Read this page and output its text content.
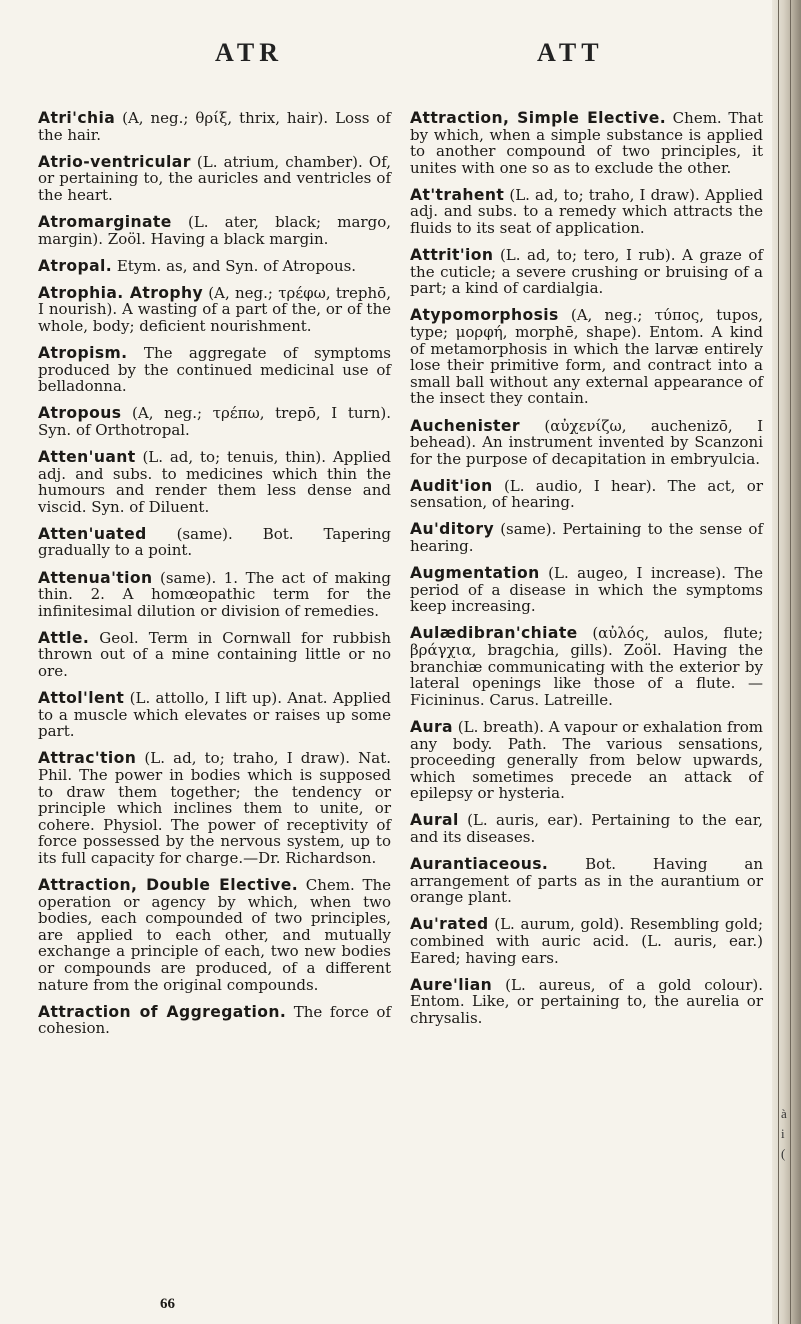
ATR	ATT

Atri'chia (A, neg.; θρίξ, thrix, hair). Loss of the hair.

Atrio-ventricular (L. atrium, chamber). Of, or pertaining to, the auricles and ventricles of the heart.

Atromarginate (L. ater, black; margo, margin). Zoöl. Having a black margin.

Atropal. Etym. as, and Syn. of Atropous.

Atrophia. Atrophy (A, neg.; τρέφω, trephō, I nourish). A wasting of a part of the, or of the whole, body; deficient nourishment.

Atropism. The aggregate of symptoms produced by the continued medicinal use of belladonna.

Atropous (A, neg.; τρέπω, trepō, I turn). Syn. of Orthotropal.

Atten'uant (L. ad, to; tenuis, thin). Applied adj. and subs. to medicines which thin the humours and render them less dense and viscid. Syn. of Diluent.

Atten'uated (same). Bot. Tapering gradually to a point.

Attenua'tion (same). 1. The act of making thin. 2. A homœopathic term for the infinitesimal dilution or division of remedies.

Attle. Geol. Term in Cornwall for rubbish thrown out of a mine containing little or no ore.

Attol'lent (L. attollo, I lift up). Anat. Applied to a muscle which elevates or raises up some part.

Attrac'tion (L. ad, to; traho, I draw). Nat. Phil. The power in bodies which is supposed to draw them together; the tendency or principle which inclines them to unite, or cohere. Physiol. The power of receptivity of force possessed by the nervous system, up to its full capacity for charge.—Dr. Richardson.

Attraction, Double Elective. Chem. The operation or agency by which, when two bodies, each compounded of two principles, are applied to each other, and mutually exchange a principle of each, two new bodies or compounds are produced, of a different nature from the original compounds.

Attraction of Aggregation. The force of cohesion.

Attraction, Simple Elective. Chem. That by which, when a simple substance is applied to another compound of two principles, it unites with one so as to exclude the other.

At'trahent (L. ad, to; traho, I draw). Applied adj. and subs. to a remedy which attracts the fluids to its seat of application.

Attrit'ion (L. ad, to; tero, I rub). A graze of the cuticle; a severe crushing or bruising of a part; a kind of cardialgia.

Atypomorphosis (A, neg.; τύπος, tupos, type; μορφή, morphē, shape). Entom. A kind of metamorphosis in which the larvæ entirely lose their primitive form, and contract into a small ball without any external appearance of the insect they contain.

Auchenister (αὐχενίζω, auchenizō, I behead). An instrument invented by Scanzoni for the purpose of decapitation in embryulcia.

Audit'ion (L. audio, I hear). The act, or sensation, of hearing.

Au'ditory (same). Pertaining to the sense of hearing.

Augmentation (L. augeo, I increase). The period of a disease in which the symptoms keep increasing.

Aulædibran'chiate (αὐλός, aulos, flute; βράγχια, bragchia, gills). Zoöl. Having the branchiæ communicating with the exterior by lateral openings like those of a flute. — Ficininus. Carus. Latreille.

Aura (L. breath). A vapour or exhalation from any body. Path. The various sensations, proceeding generally from below upwards, which sometimes precede an attack of epilepsy or hysteria.

Aural (L. auris, ear). Pertaining to the ear, and its diseases.

Aurantiaceous. Bot. Having an arrangement of parts as in the aurantium or orange plant.

Au'rated (L. aurum, gold). Resembling gold; combined with auric acid. (L. auris, ear.) Eared; having ears.

Aure'lian (L. aureus, of a gold colour). Entom. Like, or pertaining to, the aurelia or chrysalis.

66
à
i
(
